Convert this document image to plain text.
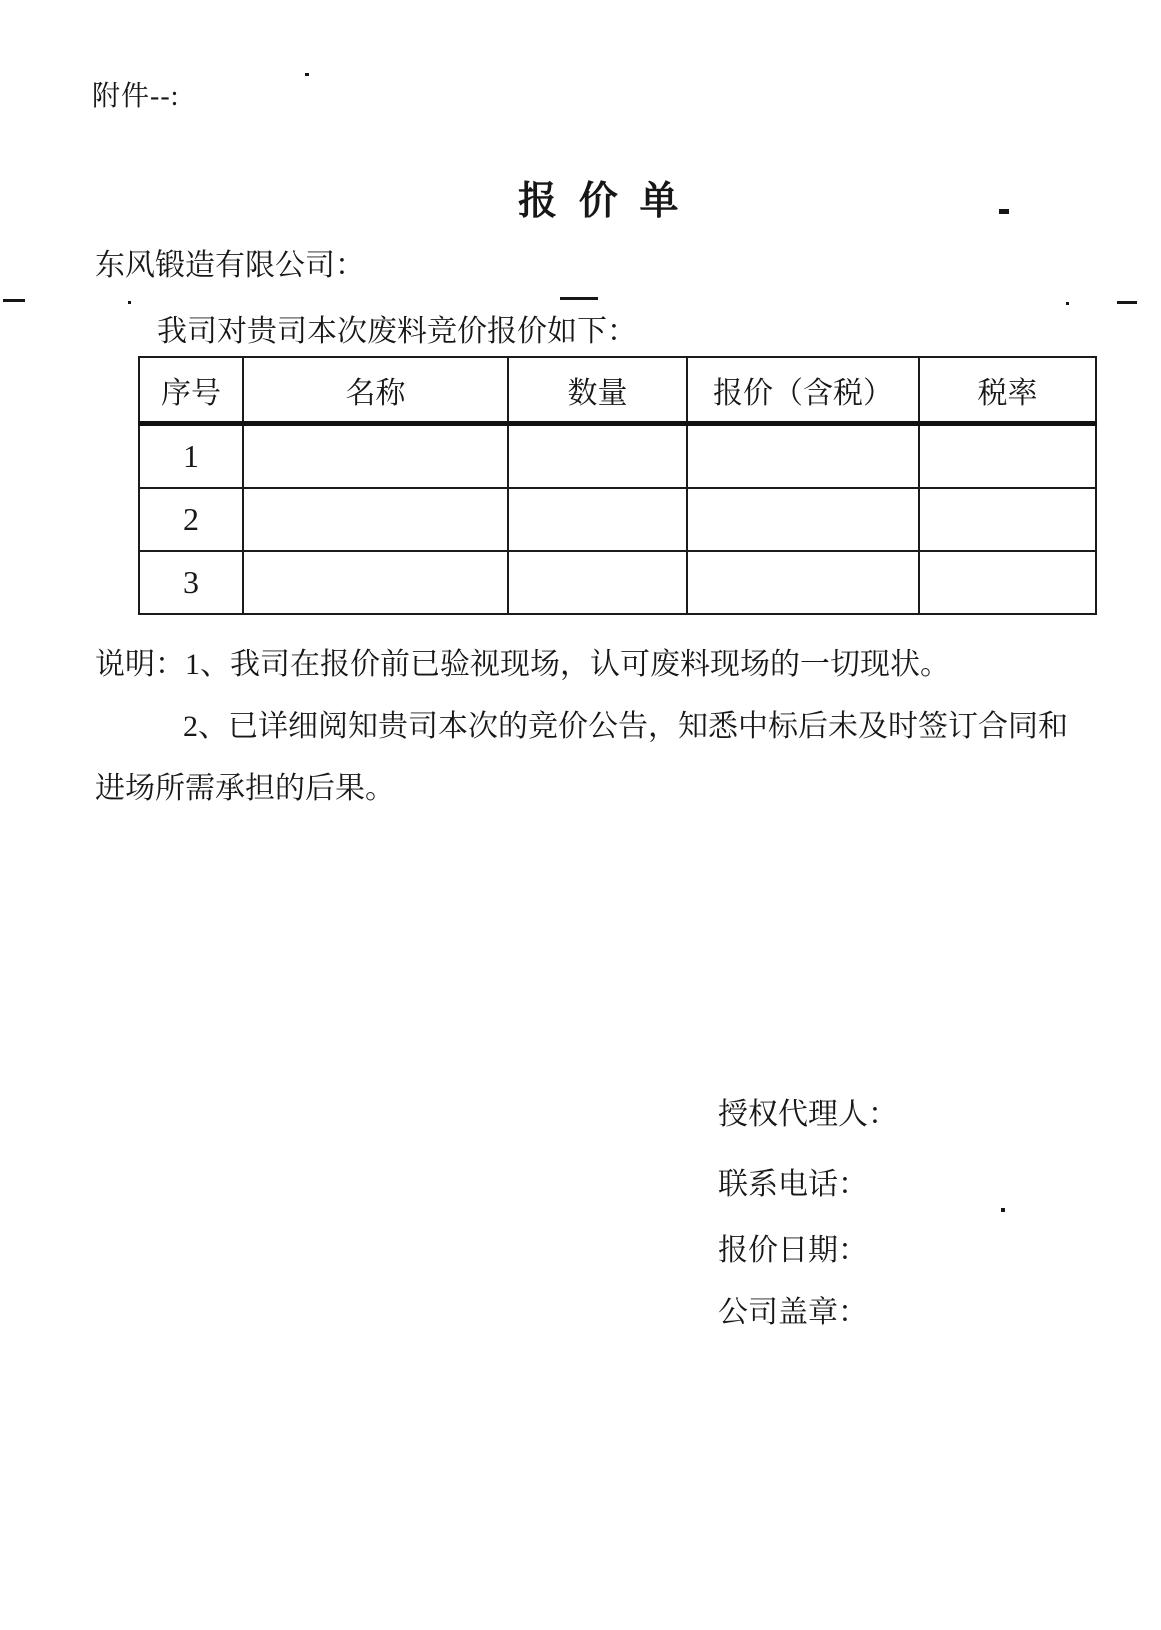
附件--:
报 价 单
东风锻造有限公司：
我司对贵司本次废料竞价报价如下：
序号	名称	数量	报价（含税）	税率
1				
2				
3				
说明：1、我司在报价前已验视现场，认可废料现场的一切现状。
2、已详细阅知贵司本次的竞价公告，知悉中标后未及时签订合同和
进场所需承担的后果。
授权代理人：
联系电话：
报价日期：
公司盖章：
